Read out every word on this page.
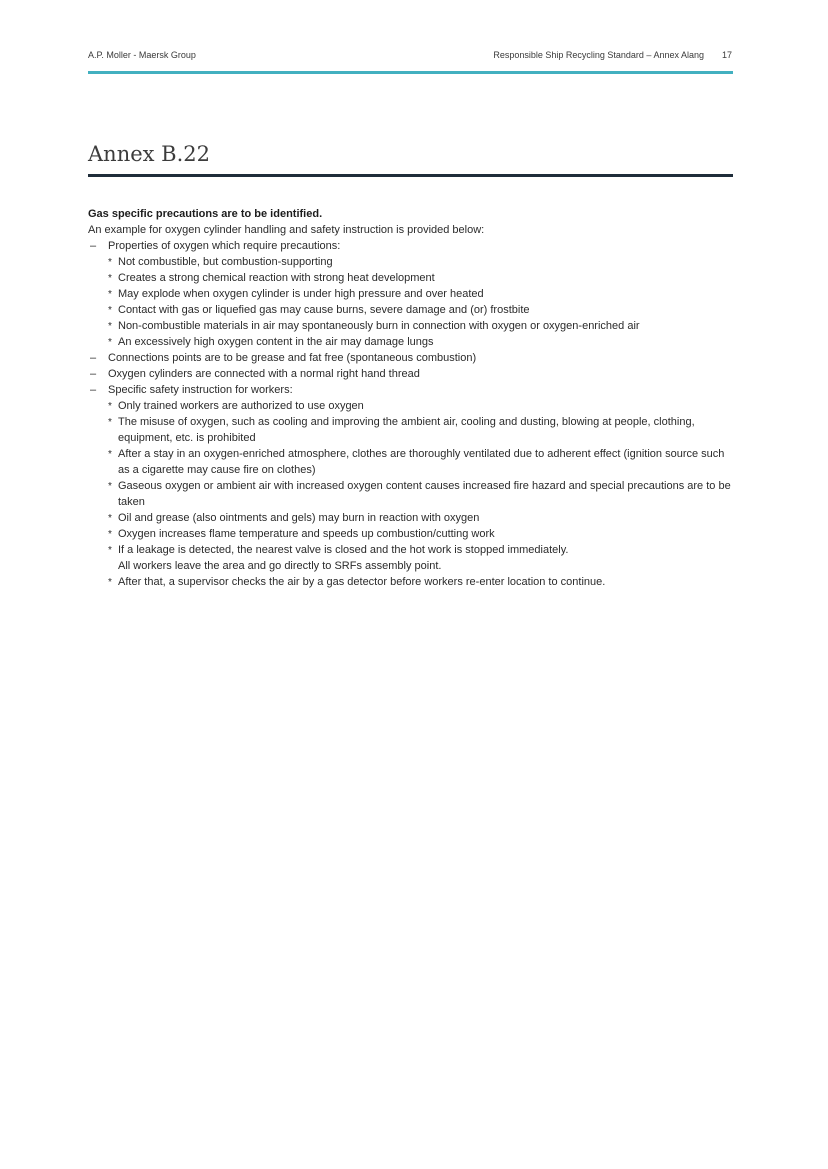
A.P. Moller - Maersk Group	Responsible Ship Recycling Standard – Annex Alang 17
Annex B.22

Gas specific precautions are to be identified.

An example for oxygen cylinder handling and safety instruction is provided below:

– Properties of oxygen which require precautions:
* Not combustible, but combustion-supporting
* Creates a strong chemical reaction with strong heat development
* May explode when oxygen cylinder is under high pressure and over heated
* Contact with gas or liquefied gas may cause burns, severe damage and (or) frostbite
* Non-combustible materials in air may spontaneously burn in connection with oxygen or oxygen-enriched air
* An excessively high oxygen content in the air may damage lungs
– Connections points are to be grease and fat free (spontaneous combustion)
– Oxygen cylinders are connected with a normal right hand thread
– Specific safety instruction for workers:
* Only trained workers are authorized to use oxygen
* The misuse of oxygen, such as cooling and improving the ambient air, cooling and dusting, blowing at people, clothing, equipment, etc. is prohibited
* After a stay in an oxygen-enriched atmosphere, clothes are thoroughly ventilated due to adherent effect (ignition source such as a cigarette may cause fire on clothes)
* Gaseous oxygen or ambient air with increased oxygen content causes increased fire hazard and special precautions are to be taken
* Oil and grease (also ointments and gels) may burn in reaction with oxygen
* Oxygen increases flame temperature and speeds up combustion/cutting work
* If a leakage is detected, the nearest valve is closed and the hot work is stopped immediately.
All workers leave the area and go directly to SRFs assembly point.
* After that, a supervisor checks the air by a gas detector before workers re-enter location to continue.
